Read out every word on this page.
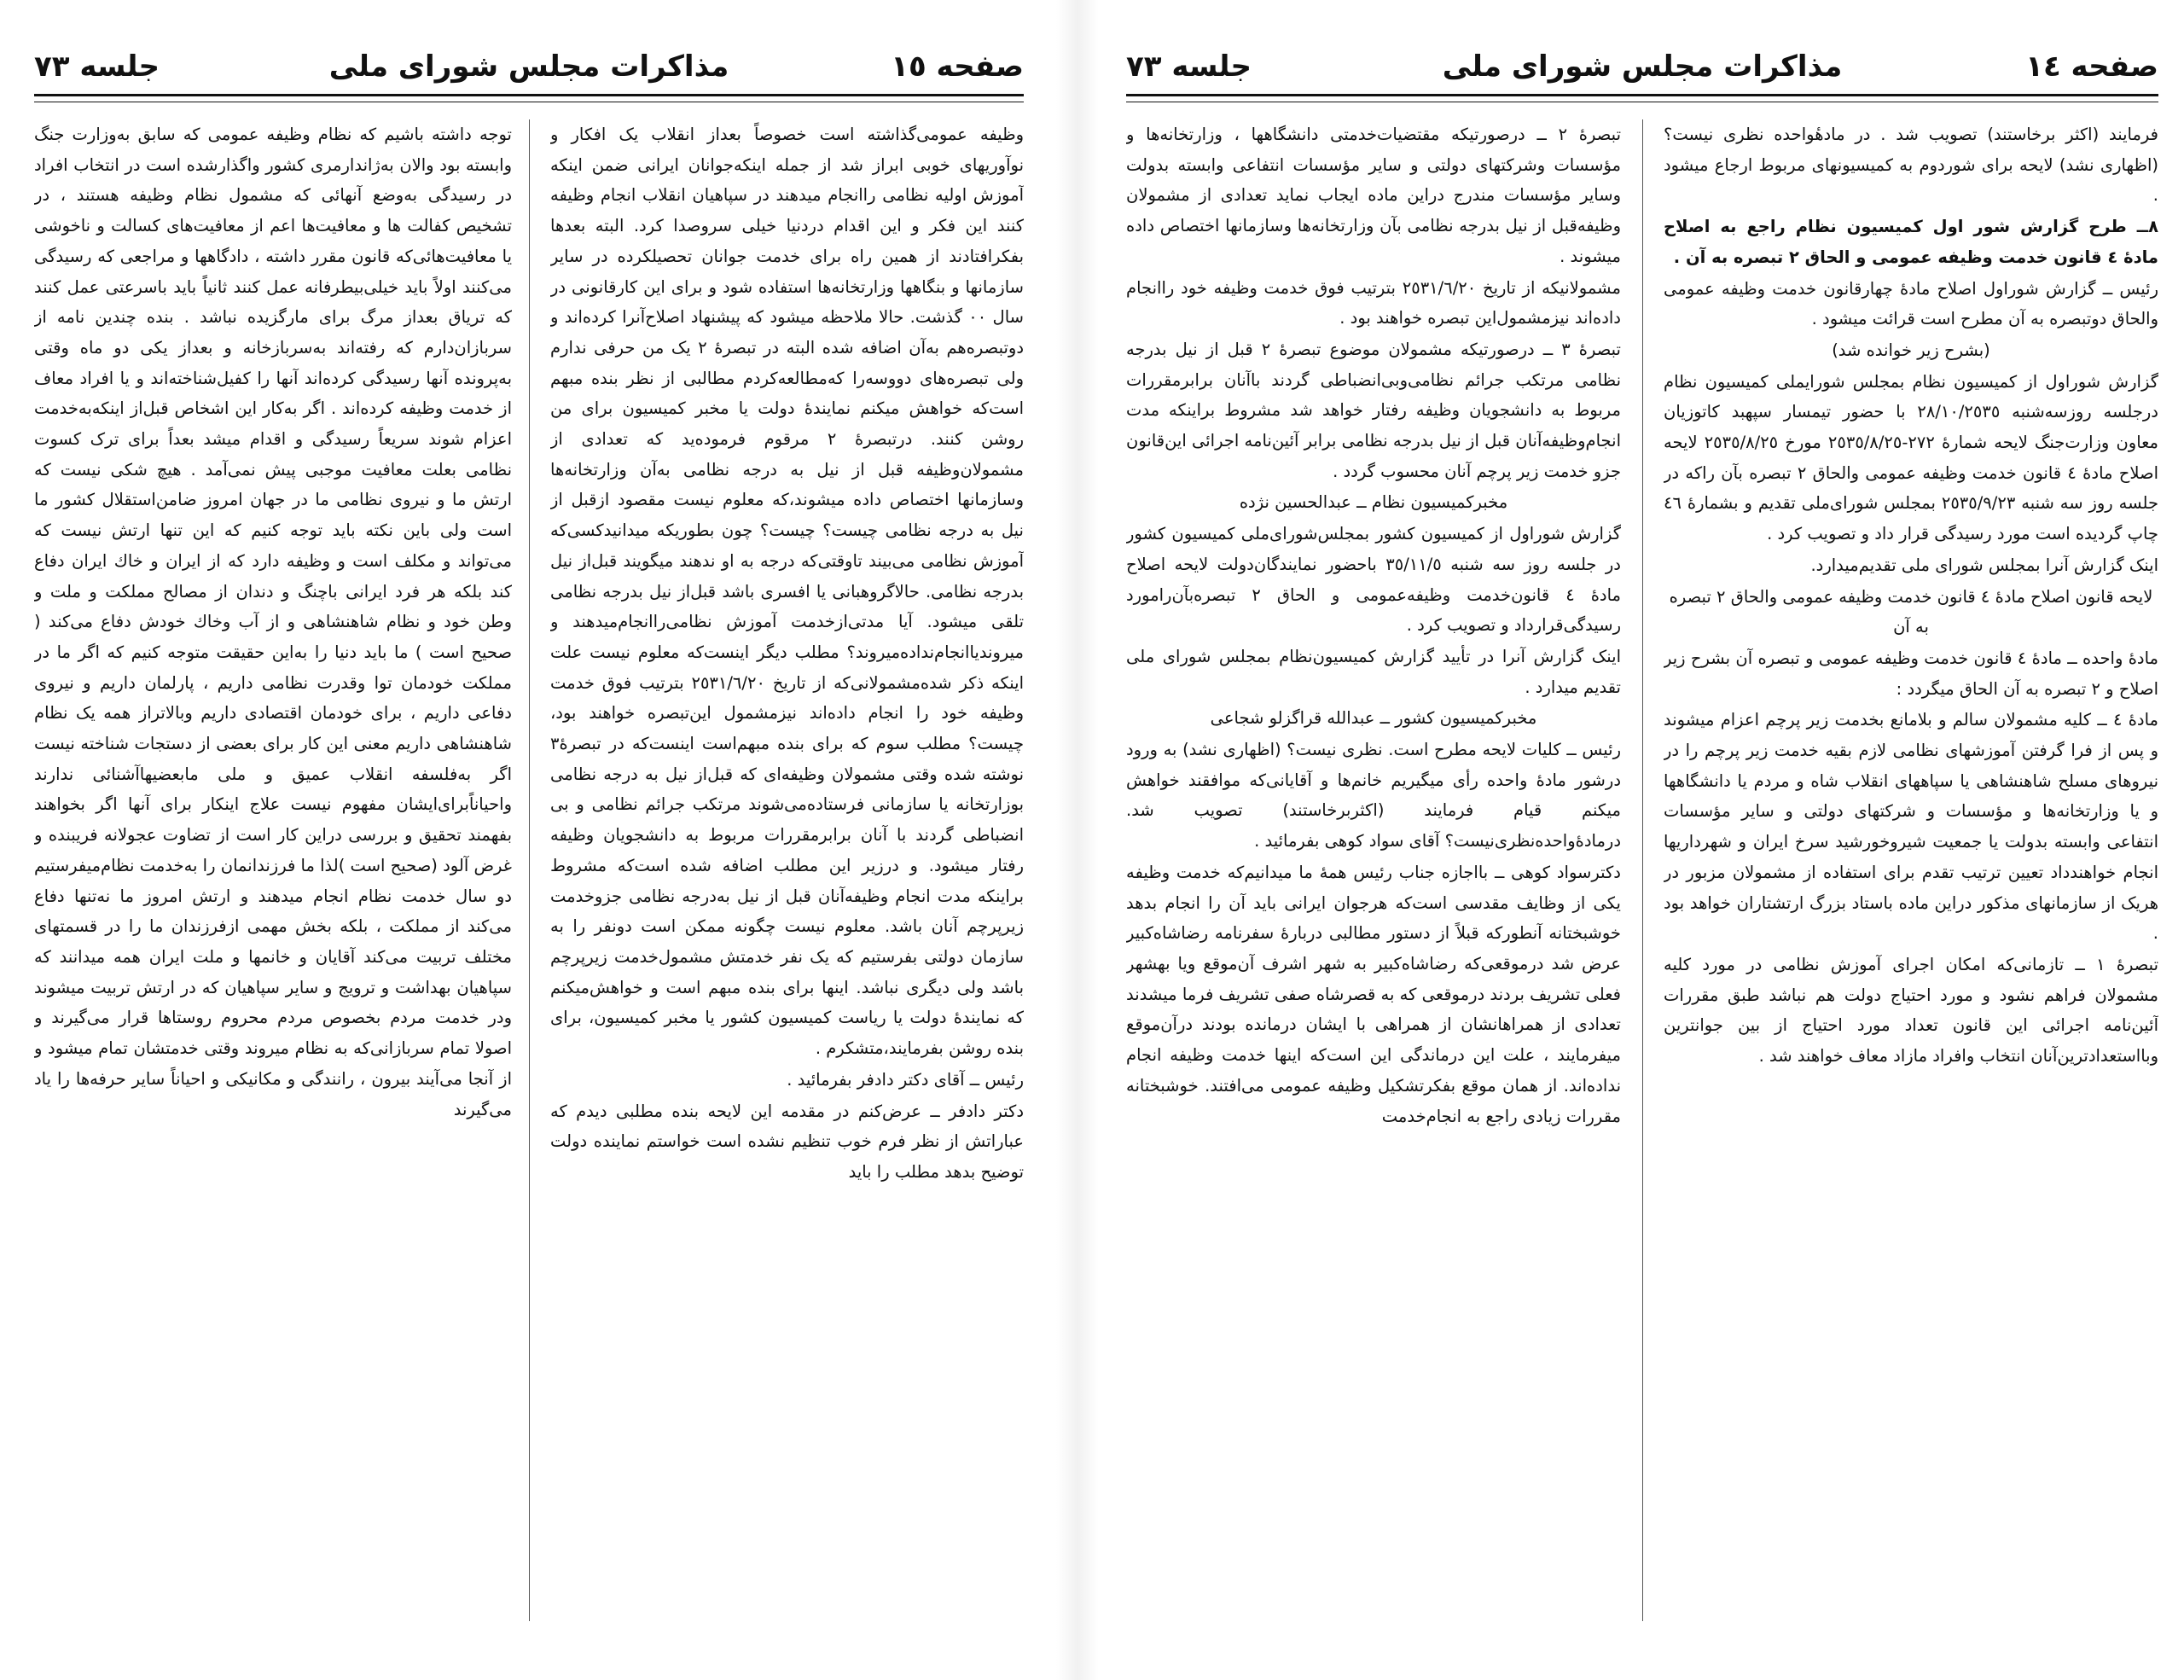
صفحه ١٥
مذاکرات مجلس شورای ملی
جلسه ٧٣

وظیفه عمومی‌گذاشته است خصوصاً بعداز انقلاب یک افکار و نوآوریهای خوبی ابراز شد از جمله اینکه‌جوانان ایرانی ضمن اینکه آموزش اولیه نظامی راانجام میدهند در سپاهیان انقلاب انجام وظیفه کنند این فکر و این اقدام دردنیا خیلی سروصدا کرد. البته بعدها بفکرافتادند از همین راه برای خدمت جوانان تحصیلکرده در سایر سازمانها و بنگاهها وزارتخانه‌ها استفاده شود و برای این کارقانونی در سال ٠٠ گذشت. حالا ملاحظه میشود که پیشنهاد اصلاح‌آنرا کرده‌اند و دوتبصره‌هم به‌آن اضافه شده البته در تبصرهٔ ٢ یک من حرفی ندارم ولی تبصره‌های دووسه‌را که‌مطالعه‌کردم مطالبی از نظر بنده مبهم است‌که خواهش میکنم نمایندهٔ دولت یا مخبر کمیسیون برای من روشن کنند. درتبصرهٔ ٢ مرقوم فرموده‌ید که تعدادی از مشمولان‌وظیفه قبل از نیل به درجه نظامی به‌آن وزارتخانه‌ها وسازمانها اختصاص داده میشوند،که معلوم نیست مقصود ازقبل از نیل به درجه نظامی چیست؟ چیست؟ چون بطوریکه میدانید‌کسی‌که آموزش نظامی می‌بیند تاوقتی‌که درجه به او ندهند میگویند قبل‌از نیل بدرجه نظامی. حالاگروهبانی یا افسری باشد قبل‌از نیل بدرجه نظامی تلقی میشود. آیا مدتی‌ازخدمت آموزش نظامی‌راانجام‌میدهند و میروندیاانجام‌نداده‌میروند؟ مطلب دیگر اینست‌که معلوم نیست علت اینکه ذکر شده‌مشمولانی‌که از تاریخ ٢٥٣١/٦/٢٠ بترتیب فوق خدمت وظیفه خود را انجام داده‌اند نیزمشمول این‌تبصره خواهند بود، چیست؟ مطلب سوم که برای بنده مبهم‌است اینست‌که در تبصرهٔ٣ نوشته شده وقتی مشمولان وظیفه‌ای که قبل‌از نیل به درجه نظامی بوزارتخانه یا سازمانی فرستاده‌می‌شوند مرتکب جرائم نظامی و بی انضباطی گردند با آنان برابرمقررات مربوط به دانشجویان وظیفه رفتار میشود. و درزیر این مطلب اضافه شده است‌که مشروط براینکه مدت انجام وظیفه‌آنان قبل از نیل به‌درجه نظامی جزوخدمت زیرپرچم آنان باشد. معلوم نیست چگونه ممکن است دونفر را به سازمان دولتی بفرستیم که یک نفر خدمتش مشمول‌خدمت زیرپرچم باشد ولی دیگری نباشد. اینها برای بنده مبهم است و خواهش‌میکنم که نمایندهٔ دولت یا ریاست کمیسیون کشور یا مخبر کمیسیون، برای بنده روشن بفرمایند،متشکرم .

رئیس ــ آقای دکتر دادفر بفرمائید .

دکتر دادفر ــ عرض‌کنم در مقدمه این لایحه بنده مطلبی دیدم که عباراتش از نظر فرم خوب تنظیم نشده است خواستم نماینده دولت توضیح بدهد مطلب را باید

توجه داشته باشیم که نظام وظیفه عمومی که سابق به‌وزارت جنگ وابسته بود والان به‌ژاندارمری کشور واگذارشده است در انتخاب افراد در رسیدگی به‌وضع آنهائی که مشمول نظام وظیفه هستند ، در تشخیص کفالت ها و معافیت‌ها اعم از معافیت‌های کسالت و ناخوشی یا معافیت‌هائی‌که قانون مقرر داشته ، دادگاهها و مراجعی که رسیدگی می‌کنند اولاً باید خیلی‌بیطرفانه عمل کنند ثانیاً باید باسرعتی عمل کنند که تریاق بعداز مرگ برای مار‌گزیده نباشد . بنده چندین نامه از سربازان‌دارم که رفته‌اند به‌سربازخانه و بعداز یکی دو ماه وقتی به‌پرونده آنها رسیدگی کرده‌اند آنها را کفیل‌شناخته‌اند و یا افراد معاف از خدمت وظیفه کرده‌اند . اگر به‌کار این اشخاص قبل‌از اینکه‌به‌خدمت اعزام شوند سریعاً رسیدگی و اقدام میشد بعداً برای ترک کسوت نظامی بعلت معافیت موجبی پیش نمی‌آمد . هیچ شکی نیست که ارتش ما و نیروی نظامی ما در جهان امروز ضامن‌استقلال کشور ما است ولی باین نکته باید توجه کنیم که این تنها ارتش نیست که می‌تواند و مکلف است و وظیفه دارد که از ایران و خاك ایران دفاع کند بلکه هر فرد ایرانی باچنگ و دندان از مصالح مملکت و ملت و وطن خود و نظام شاهنشاهی و از آب وخاك خودش دفاع می‌کند ( صحیح است ) ما باید دنیا را به‌این حقیقت متوجه کنیم که اگر ما در مملکت خودمان توا وقدرت نظامی داریم ، پارلمان داریم و نیروی دفاعی داریم ، برای خودمان اقتصادی داریم وبالاتراز همه یک نظام شاهنشاهی داریم معنی این کار برای بعضی از دستجات شناخته نیست اگر به‌فلسفه انقلاب عمیق و ملی ما‌بعضیهاآشنائی ندارند واحیاناًبرای‌ایشان مفهوم نیست علاج اینکار برای آنها اگر بخواهند بفهمند تحقیق و بررسی دراین کار است از تضاوت عجولانه فریبنده و غرض آلود (صحیح است )لذا ما فرزندانمان را به‌خدمت نظام‌میفرستیم دو سال خدمت نظام انجام میدهند و ارتش امروز ما نه‌تنها دفاع می‌کند از مملکت ، بلکه بخش مهمی ازفرزندان ما را در قسمتهای مختلف تربیت می‌کند آقایان و خانمها و ملت ایران همه میدانند که سپاهیان بهداشت و ترویج و سایر سپاهیان که در ارتش تربیت میشوند ودر خدمت مردم بخصوص مردم محروم روستاها قرار می‌گیرند و اصولا تمام سربازانی‌که به نظام میروند وقتی خدمتشان تمام میشود و از آنجا می‌آیند بیرون ، رانندگی و مکانیکی و احیاناً سایر حرفه‌ها را یاد می‌گیرند

صفحه ١٤
مذاکرات مجلس شورای ملی
جلسه ٧٣

فرمایند (اکثر برخاستند) تصویب شد . در مادهٔواحده نظری نیست؟(اظهاری نشد) لایحه برای شوردوم به کمیسیونهای مربوط ارجاع میشود .

۸ــ طرح گزارش شور اول کمیسیون نظام راجع به اصلاح مادهٔ ٤ قانون خدمت وظیفه عمومی و الحاق ٢ تبصره به آن .

رئیس ــ گزارش شوراول اصلاح مادهٔ چهارقانون خدمت وظیفه عمومی والحاق دوتبصره به آن مطرح است قرائت میشود .

(بشرح زیر خوانده شد)

گزارش شوراول از کمیسیون نظام بمجلس شورایملی کمیسیون نظام درجلسه روزسه‌شنبه ٢٨/١٠/٢٥٣٥ با حضور تیمسار سپهبد کاتوزیان معاون وزارت‌جنگ لایحه شمارهٔ ٢٧٢-٢٥٣٥/٨/٢٥ مورخ ٢٥٣٥/٨/٢٥ لایحه اصلاح مادهٔ ٤ قانون خدمت وظیفه عمومی والحاق ٢ تبصره بآن راکه در جلسه روز سه شنبه ٢٥٣٥/٩/٢٣ بمجلس شورای‌ملی تقدیم و بشمارهٔ ٤٦ چاپ گردیده است مورد رسیدگی قرار داد و تصویب کرد .

اینک گزارش آنرا بمجلس شورای ملی تقدیم‌میدارد.

لایحه قانون اصلاح مادهٔ ٤ قانون خدمت وظیفه عمومی والحاق ٢ تبصره به آن

مادهٔ واحده ــ مادهٔ ٤ قانون خدمت وظیفه عمومی و تبصره آن بشرح زیر اصلاح و ٢ تبصره به آن الحاق میگردد :

مادهٔ ٤ ــ کلیه مشمولان سالم و بلامانع بخدمت زیر پرچم اعزام میشوند و پس از فرا گرفتن آموزشهای نظامی لازم بقیه خدمت زیر پرچم را در نیروهای مسلح شاهنشاهی یا سپاههای انقلاب شاه و مردم یا دانشگاهها و یا وزارتخانه‌ها و مؤسسات و شرکتهای دولتی و سایر مؤسسات انتفاعی وابسته بدولت یا جمعیت شیروخورشید سرخ ایران و شهرداریها انجام خواهندداد تعیین ترتیب تقدم برای استفاده از مشمولان مزبور در هریک از سازمانهای مذکور دراین ماده باستاد بزرگ ارتشتاران خواهد بود .

تبصرهٔ ١ ــ تازمانی‌که امکان اجرای آموزش نظامی در مورد کلیه مشمولان فراهم نشود و مورد احتیاج دولت هم نباشد طبق مقررات آئین‌نامه اجرائی این قانون تعداد مورد احتیاج از بین جوانترین وبااستعدادترین‌آنان انتخاب وافراد مازاد معاف خواهند شد .

تبصرهٔ ٢ ــ درصورتیکه مقتضیات‌خدمتی دانشگاهها ، وزارتخانه‌ها و مؤسسات وشرکتهای دولتی و سایر مؤسسات انتفاعی وابسته بدولت وسایر مؤسسات مندرج دراین ماده ایجاب نماید تعدادی از مشمولان وظیفه‌قبل از نیل بدرجه نظامی بآن وزارتخانه‌ها وسازمانها اختصاص داده میشوند .

مشمولانیکه از تاریخ ٢٥٣١/٦/٢٠ بترتیب فوق خدمت وظیفه خود راانجام داده‌اند نیزمشمول‌این تبصره خواهند بود .

تبصرهٔ ٣ ــ درصورتیکه مشمولان موضوع تبصرهٔ ٢ قبل از نیل بدرجه نظامی مرتکب جرائم نظامی‌وبی‌انضباطی گردند باآنان برابرمقررات مربوط به دانشجویان وظیفه رفتار خواهد شد مشروط براینکه مدت انجام‌وظیفه‌آنان قبل از نیل بدرجه نظامی برابر آئین‌نامه اجرائی این‌قانون جزو خدمت زیر پرچم آنان محسوب گردد .

مخبرکمیسیون نظام ــ عبدالحسین نژده

گزارش شوراول از کمیسیون کشور بمجلس‌شورای‌ملی کمیسیون کشور در جلسه روز سه شنبه ٣٥/١١/٥ باحضور نمایندگان‌دولت لایحه اصلاح مادهٔ ٤ قانون‌خدمت وظیفه‌عمومی و الحاق ٢ تبصره‌بآن‌رامورد رسیدگی‌قرارداد و تصویب کرد .

اینک گزارش آنرا در تأیید گزارش کمیسیون‌نظام بمجلس شورای ملی تقدیم میدارد .

مخبرکمیسیون کشور ــ عبدالله قراگزلو شجاعی

رئیس ــ کلیات لایحه مطرح است. نظری نیست؟ (اظهاری نشد) به ورود درشور مادهٔ واحده رأی میگیریم خانم‌ها و آقایانی‌که موافقند خواهش میکنم قیام فرمایند (اکثربرخاستند) تصویب شد. درمادهٔ‌واحده‌نظری‌نیست؟ آقای سواد کوهی بفرمائید .

دکترسواد کوهی ــ بااجازه جناب رئیس همهٔ ما میدانیم‌که خدمت وظیفه یکی از وظایف مقدسی است‌که هرجوان ایرانی باید آن را انجام بدهد خوشبختانه آنطورکه قبلاً از دستور مطالبی دربارهٔ سفرنامه رضاشاه‌کبیر عرض شد درموقعی‌که رضاشاه‌کبیر به شهر اشرف آن‌موقع ویا بهشهر فعلی تشریف بردند درموقعی که به قصرشاه صفی تشریف فرما میشدند تعدادی از همراهانشان از همراهی با ایشان درمانده بودند درآن‌موقع میفرمایند ، علت این درماندگی این است‌که اینها خدمت وظیفه انجام نداده‌اند. از همان موقع بفکرتشکیل وظیفه عمومی می‌افتند. خوشبختانه مقررات زیادی راجع به انجام‌خدمت
